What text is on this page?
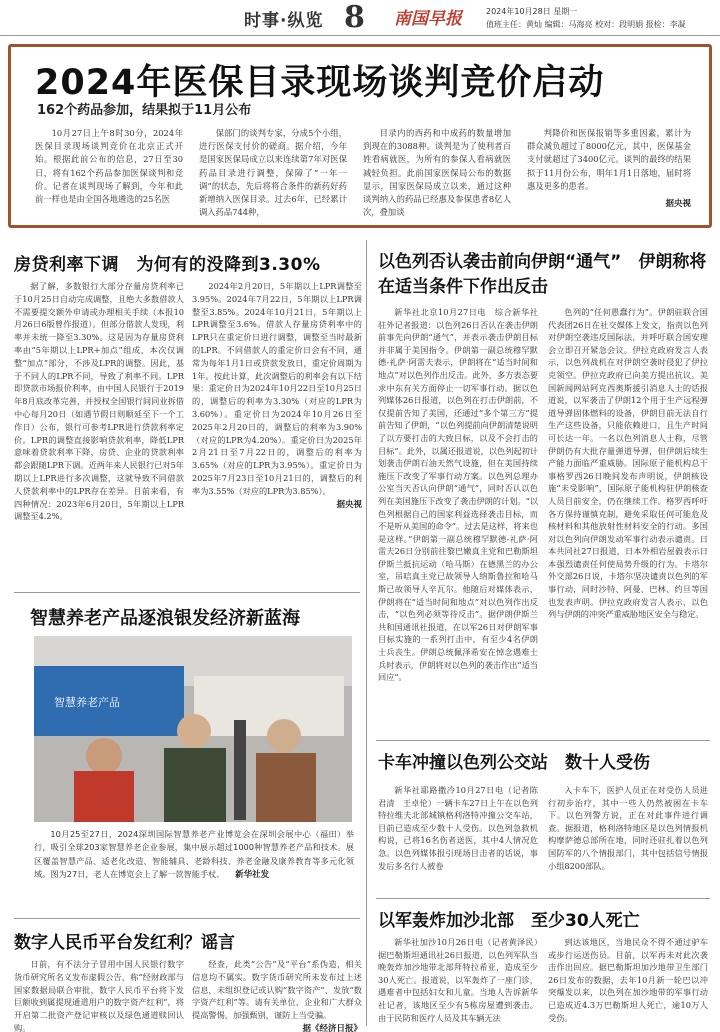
时事·纵览 8 南国早报	2024年10月28日 星期一
值班主任：黄灿 编辑：马海亮 校对：段明娟 报检：李凝
2024年医保目录现场谈判竞价启动
162个药品参加，结果拟于11月公布

10月27日上午8时30分，2024年医保目录现场谈判竞价在北京正式开始。根据此前公布的信息，27日至30日，将有162个药品参加医保谈判和竞价。记者在谈判现场了解到，今年和此前一样也是由全国各地遴选的25名医

保部门的谈判专家，分成5个小组，进行医保支付价的磋商。据介绍，今年是国家医保局成立以来连续第7年对医保药品目录进行调整，保障了“一年一调”的状态，先后将将合条件的新药好药新增纳入医保目录。过去6年，已经累计调入药品744种，

目录内的西药和中成药的数量增加到现在的3088种。谈判是为了使利者百姓看病就医，为所有的参保人看病就医减轻负担。此前国家医保局公布的数据显示，国家医保局成立以来，通过这种谈判纳入的药品已经惠及参保患者8亿人次，叠加谈

判降价和医保报销等多重因素，累计为群众减负超过了8000亿元，其中，医保基金支付就超过了3400亿元。谈判的最终的结果拟于11月份公布，明年1月1日落地，届时将惠及更多的患者。

据央视
房贷利率下调　为何有的没降到3.30%

据了解，多数银行大部分存量房贷利率已于10月25日自动完成调整，且绝大多数借款人不需要提交额外申请或办理相关手续（本报10月26日6版曾作报道）。但部分借款人发现，利率并未统一降至3.30%。这是因为存量房贷利率由“5年期以上LPR+加点”组成，本次仅调整“加点”部分，不涉及LPR的调整。因此，基于不同人的LPR不同，导致了利率不同。LPR即贷款市场报价利率，由中国人民银行于2019年8月底改革完善，并授权全国银行间同业拆借中心每月20日（如遇节假日则顺延至下一个工作日）公布，银行可参考LPR进行贷款利率定价。LPR的调整直接影响贷款利率，降低LPR意味着贷款利率下降，房贷、企业的贷款利率都会跟随LPR下调。近两年来人民银行已对5年期以上LPR进行多次调整，这就导致不同借款人贷款利率中的LPR存在差异。目前来看，有四种情况：2023年6月20日，5年期以上LPR调整至4.2%。

2024年2月20日，5年期以上LPR调整至3.95%。2024年7月22日，5年期以上LPR调整至3.85%。2024年10月21日，5年期以上LPR调整至3.6%。借款人存量房贷利率中的LPR只在重定价日进行调整，调整至当时最新的LPR。不同借款人的重定价日会有不同，通常为每年1月1日或贷款发放日，重定价周期为1年。按此计算，此次调整后的利率会有以下结果：重定价日为2024年10月22日至10月25日的，调整后的利率为3.30%（对应的LPR为3.60%）。重定价日为2024年10月26日至2025年2月20日的，调整后的利率为3.90%（对应的LPR为4.20%）。重定价日为2025年2月21日至7月22日的，调整后的利率为3.65%（对应的LPR为3.95%）。重定价日为2025年7月23日至10月21日的，调整后的利率为3.55%（对应的LPR为3.85%）。

据央视
智慧养老产品逐浪银发经济新蓝海
智慧养老产品
10月25至27日，2024深圳国际智慧养老产业博览会在深圳会展中心（福田）举行，吸引全球203家智慧养老企业参展，集中展示超过1000种智慧养老产品和技术。展区覆盖智慧产品、适老化改造、智能辅具、老龄科技、养老金融及康养教育等多元化领域。图为27日，老人在博览会上了解一款智能手杖。 新华社发
数字人民币平台发红利？谣言

日前，有不法分子冒用中国人民银行数字货币研究所名义发布虚假公告，称“经财政部与国家数据局联合审批，数字人民币平台将下发巨额收到属提现通道用户的数字资产红利”，将开启第二批资产登记审核以及绿色通道赎回认购。

经查，此类“公告”及“平台”系伪造，相关信息均不属实。数字货币研究所未发布过上述信息，未组织登记或认购“数字资产”、发放“数字资产红利”等。请有关单位、企业和广大群众提高警惕，加强甄别，谨防上当受骗。

据《经济日报》
以色列否认袭击前向伊朗“通气”　伊朗称将在适当条件下作出反击

新华社北京10月27日电　综合新华社驻外记者报道：以色列26日否认在袭击伊朗前事先向伊朗“通气”，并表示袭击伊朗目标并非属于美国指令。伊朗第一副总统穆罕默德-礼萨·阿雷夫表示，伊朗将在“适当时间和地点”对以色列作出反击。此外，多方表态要求中东有关方面停止一切军事行动。据以色列媒体26日报道，以色列在打击伊朗前，不仅提前告知了美国，还通过“多个第三方”提前告知了伊朗，“以色列提前向伊朗清楚说明了以方要打击的大致目标，以及不会打击的目标”。此外，以属还报道说，以色列起初计划袭击伊朗石油天然气设施，但在美国持续施压下改变了军事行动方案。以色列总理办公室当天否认向伊朗“通气”，同时否认以色列在美国施压下改变了袭击伊朗的计划。“以色列根据自己的国家利益选择袭击目标，而不是听从美国的命令”。过去是这样，将来也是这样。”伊朗第一副总统穆罕默德-礼萨·阿雷夫26日分别前往黎巴嫩真主党和巴勒斯坦伊斯兰抵抗运动（哈马斯）在德黑兰的办公室，吊唁真主党已故领导人纳斯鲁拉和哈马斯已故领导人辛瓦尔。他随后对媒体表示，伊朗将在“适当时间和地点”对以色列作出反击，“以色列必须等待反击”。据伊朗伊斯兰共和国通讯社报道，在以军26日对伊朗军事目标实施的一系列打击中，有至少4名伊朗士兵丧生。伊朗总统佩泽希安在悼念遇难士兵时表示，伊朗将对以色列的袭击作出“适当回应”。

色列的“任何愚蠢行为”。伊朗驻联合国代表团26日在社交媒体上发文，指责以色列对伊朗空袭违反国际法，并呼吁联合国安理会立即召开紧急会议。伊拉克政府发言人表示，以色列战机在对伊朗空袭时侵犯了伊拉克领空。伊拉克政府已向美方提出抗议。美国新闻网站阿克西奥斯援引消息人士的话报道说，以军袭击了伊朗12个用于生产远程弹道导弹固体燃料的设备，伊朗目前无法自行生产这些设备，只能依赖进口，且生产时间可长达一年。一名以色列消息人士称，尽管伊朗仍有大批存量弹道导弹，但伊朗后续生产能力面临严重威胁。国际原子能机构总干事格罗西26日晚间发布声明说，伊朗核设施“未受影响”，国际原子能机构驻伊朗核查人员目前安全，仍在继续工作。格罗西呼吁各方保持谨慎克制，避免采取任何可能危及核材料和其他放射性材料安全的行动。多国对以色列向伊朗发动军事行动表示谴责。日本共同社27日报道，日本外相岩屋毅表示日本强烈谴责任何使局势升级的行为。卡塔尔外交部26日说，卡塔尔坚决谴责以色列的军事行动，同时沙特、阿曼、巴林、约旦等国也发表声明。伊拉克政府发言人表示，以色列与伊朗的冲突严重威胁地区安全与稳定。

卡车冲撞以色列公交站　数十人受伤

新华社耶路撒冷10月27日电（记者陈君清　王卓伦）一辆卡车27日上午在以色列特拉维夫北部城镇格利洛特冲撞公交车站，目前已造成至少数十人受伤。以色列急救机构说，已将16名伤者送医，其中4人情况危急。以色列媒体报引现场目击者的话说，事发后多名行人被卷

入卡车下，医护人员正在对受伤人员进行初步治疗，其中一些人仍然被困在卡车下。以色列警方说，正在对此事件进行调查。据报道，格利洛特地区是以色列情报机构摩萨德总部所在地，同时还驻扎着以色列国防军的八个情报部门，其中包括信号情报小组8200部队。

以军轰炸加沙北部　至少30人死亡

新华社加沙10月26日电（记者黄泽民）据巴勒斯坦通讯社26日报道，以色列军队当晚轰炸加沙地带北部拜特拉希亚，造成至少30人死亡。报道说，以军轰炸了一座门诊，遇难者中包括妇女和儿童。当地人告诉新华社记者，该地区至少有5栋房屋遭到袭击。由于民防和医疗人员及其车辆无法

到达该地区，当地民众不得不通过驴车或步行运送伤员。目前，以军再未对此次袭击作出回应。据巴勒斯坦加沙地带卫生部门26日发布的数据，去年10月新一轮巴以冲突爆发以来，以色列在加沙地带的军事行动已造成近4.3万巴勒斯坦人死亡，逾10万人受伤。
